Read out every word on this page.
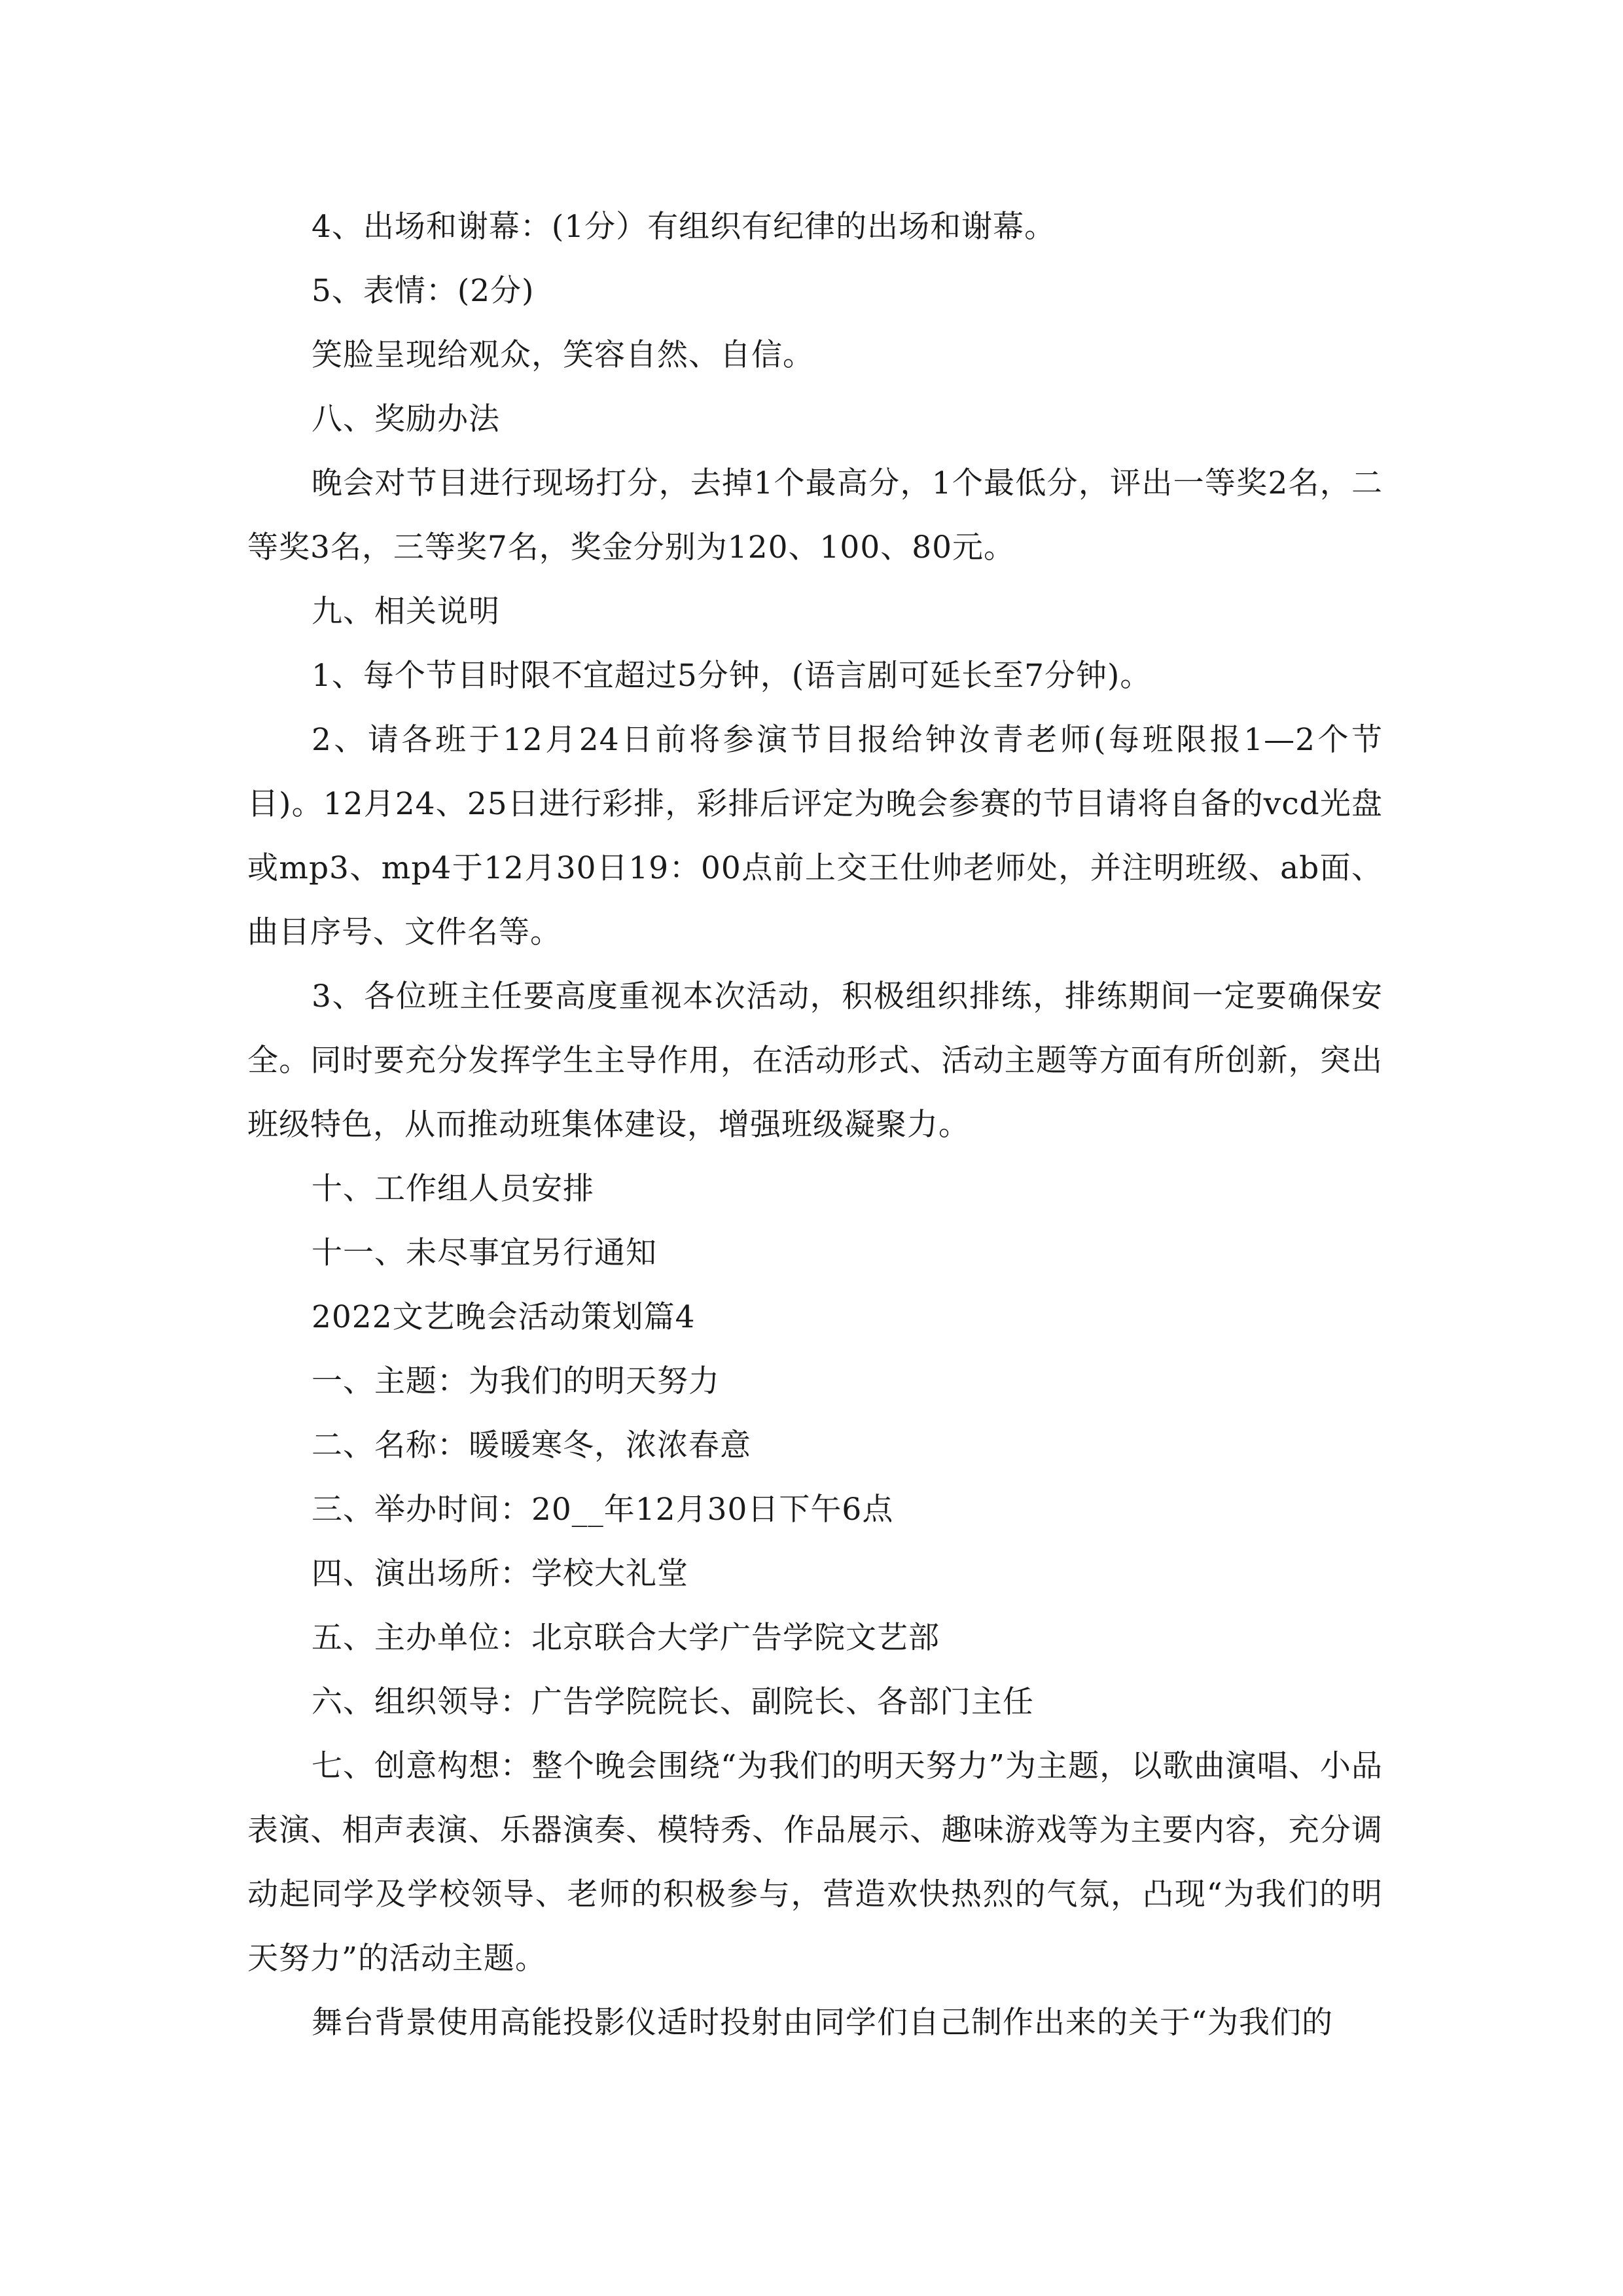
4、出场和谢幕：(1分）有组织有纪律的出场和谢幕。

5、表情：(2分)

笑脸呈现给观众，笑容自然、自信。

八、奖励办法

晚会对节目进行现场打分，去掉1个最高分，1个最低分，评出一等奖2名，二等奖3名，三等奖7名，奖金分别为120、100、80元。

九、相关说明

1、每个节目时限不宜超过5分钟，(语言剧可延长至7分钟)。

2、请各班于12月24日前将参演节目报给钟汝青老师(每班限报1—2个节目)。12月24、25日进行彩排，彩排后评定为晚会参赛的节目请将自备的vcd光盘或mp3、mp4于12月30日19：00点前上交王仕帅老师处，并注明班级、ab面、曲目序号、文件名等。

3、各位班主任要高度重视本次活动，积极组织排练，排练期间一定要确保安全。同时要充分发挥学生主导作用，在活动形式、活动主题等方面有所创新，突出班级特色，从而推动班集体建设，增强班级凝聚力。

十、工作组人员安排

十一、未尽事宜另行通知

2022文艺晚会活动策划篇4

一、主题：为我们的明天努力

二、名称：暖暖寒冬，浓浓春意

三、举办时间：20__年12月30日下午6点

四、演出场所：学校大礼堂

五、主办单位：北京联合大学广告学院文艺部

六、组织领导：广告学院院长、副院长、各部门主任

七、创意构想：整个晚会围绕“为我们的明天努力”为主题，以歌曲演唱、小品表演、相声表演、乐器演奏、模特秀、作品展示、趣味游戏等为主要内容，充分调动起同学及学校领导、老师的积极参与，营造欢快热烈的气氛，凸现“为我们的明天努力”的活动主题。

舞台背景使用高能投影仪适时投射由同学们自己制作出来的关于“为我们的
